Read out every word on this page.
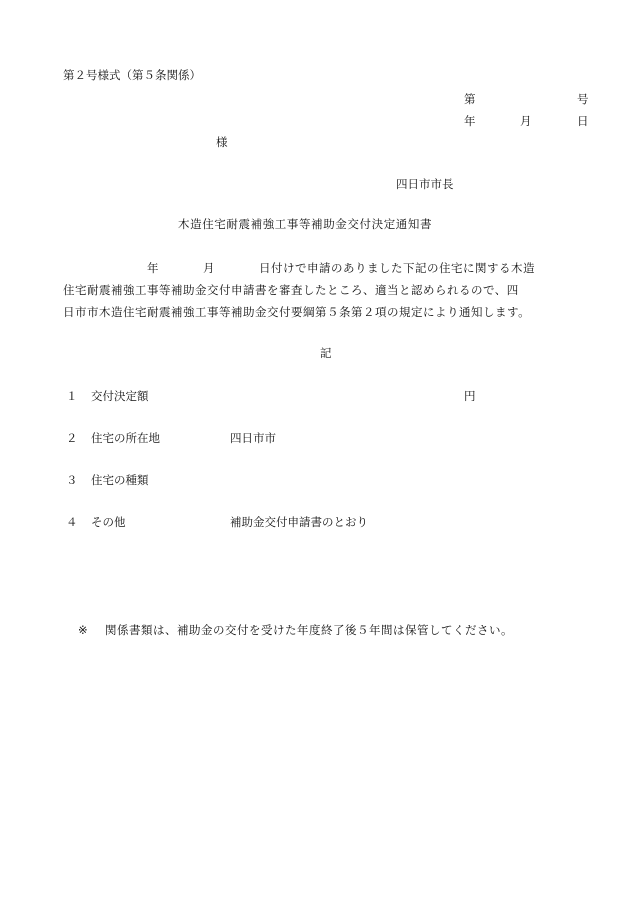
第２号様式（第５条関係）
第	号
年	月	日
様
四日市市長
木造住宅耐震補強工事等補助金交付決定通知書
年	月	日付けで申請のありました下記の住宅に関する木造
住宅耐震補強工事等補助金交付申請書を審査したところ、適当と認められるので、四
日市市木造住宅耐震補強工事等補助金交付要綱第５条第２項の規定により通知します。
記
１ 交付決定額	円
２ 住宅の所在地	四日市市
３ 住宅の種類
４ その他	補助金交付申請書のとおり
※ 関係書類は、補助金の交付を受けた年度終了後５年間は保管してください。
